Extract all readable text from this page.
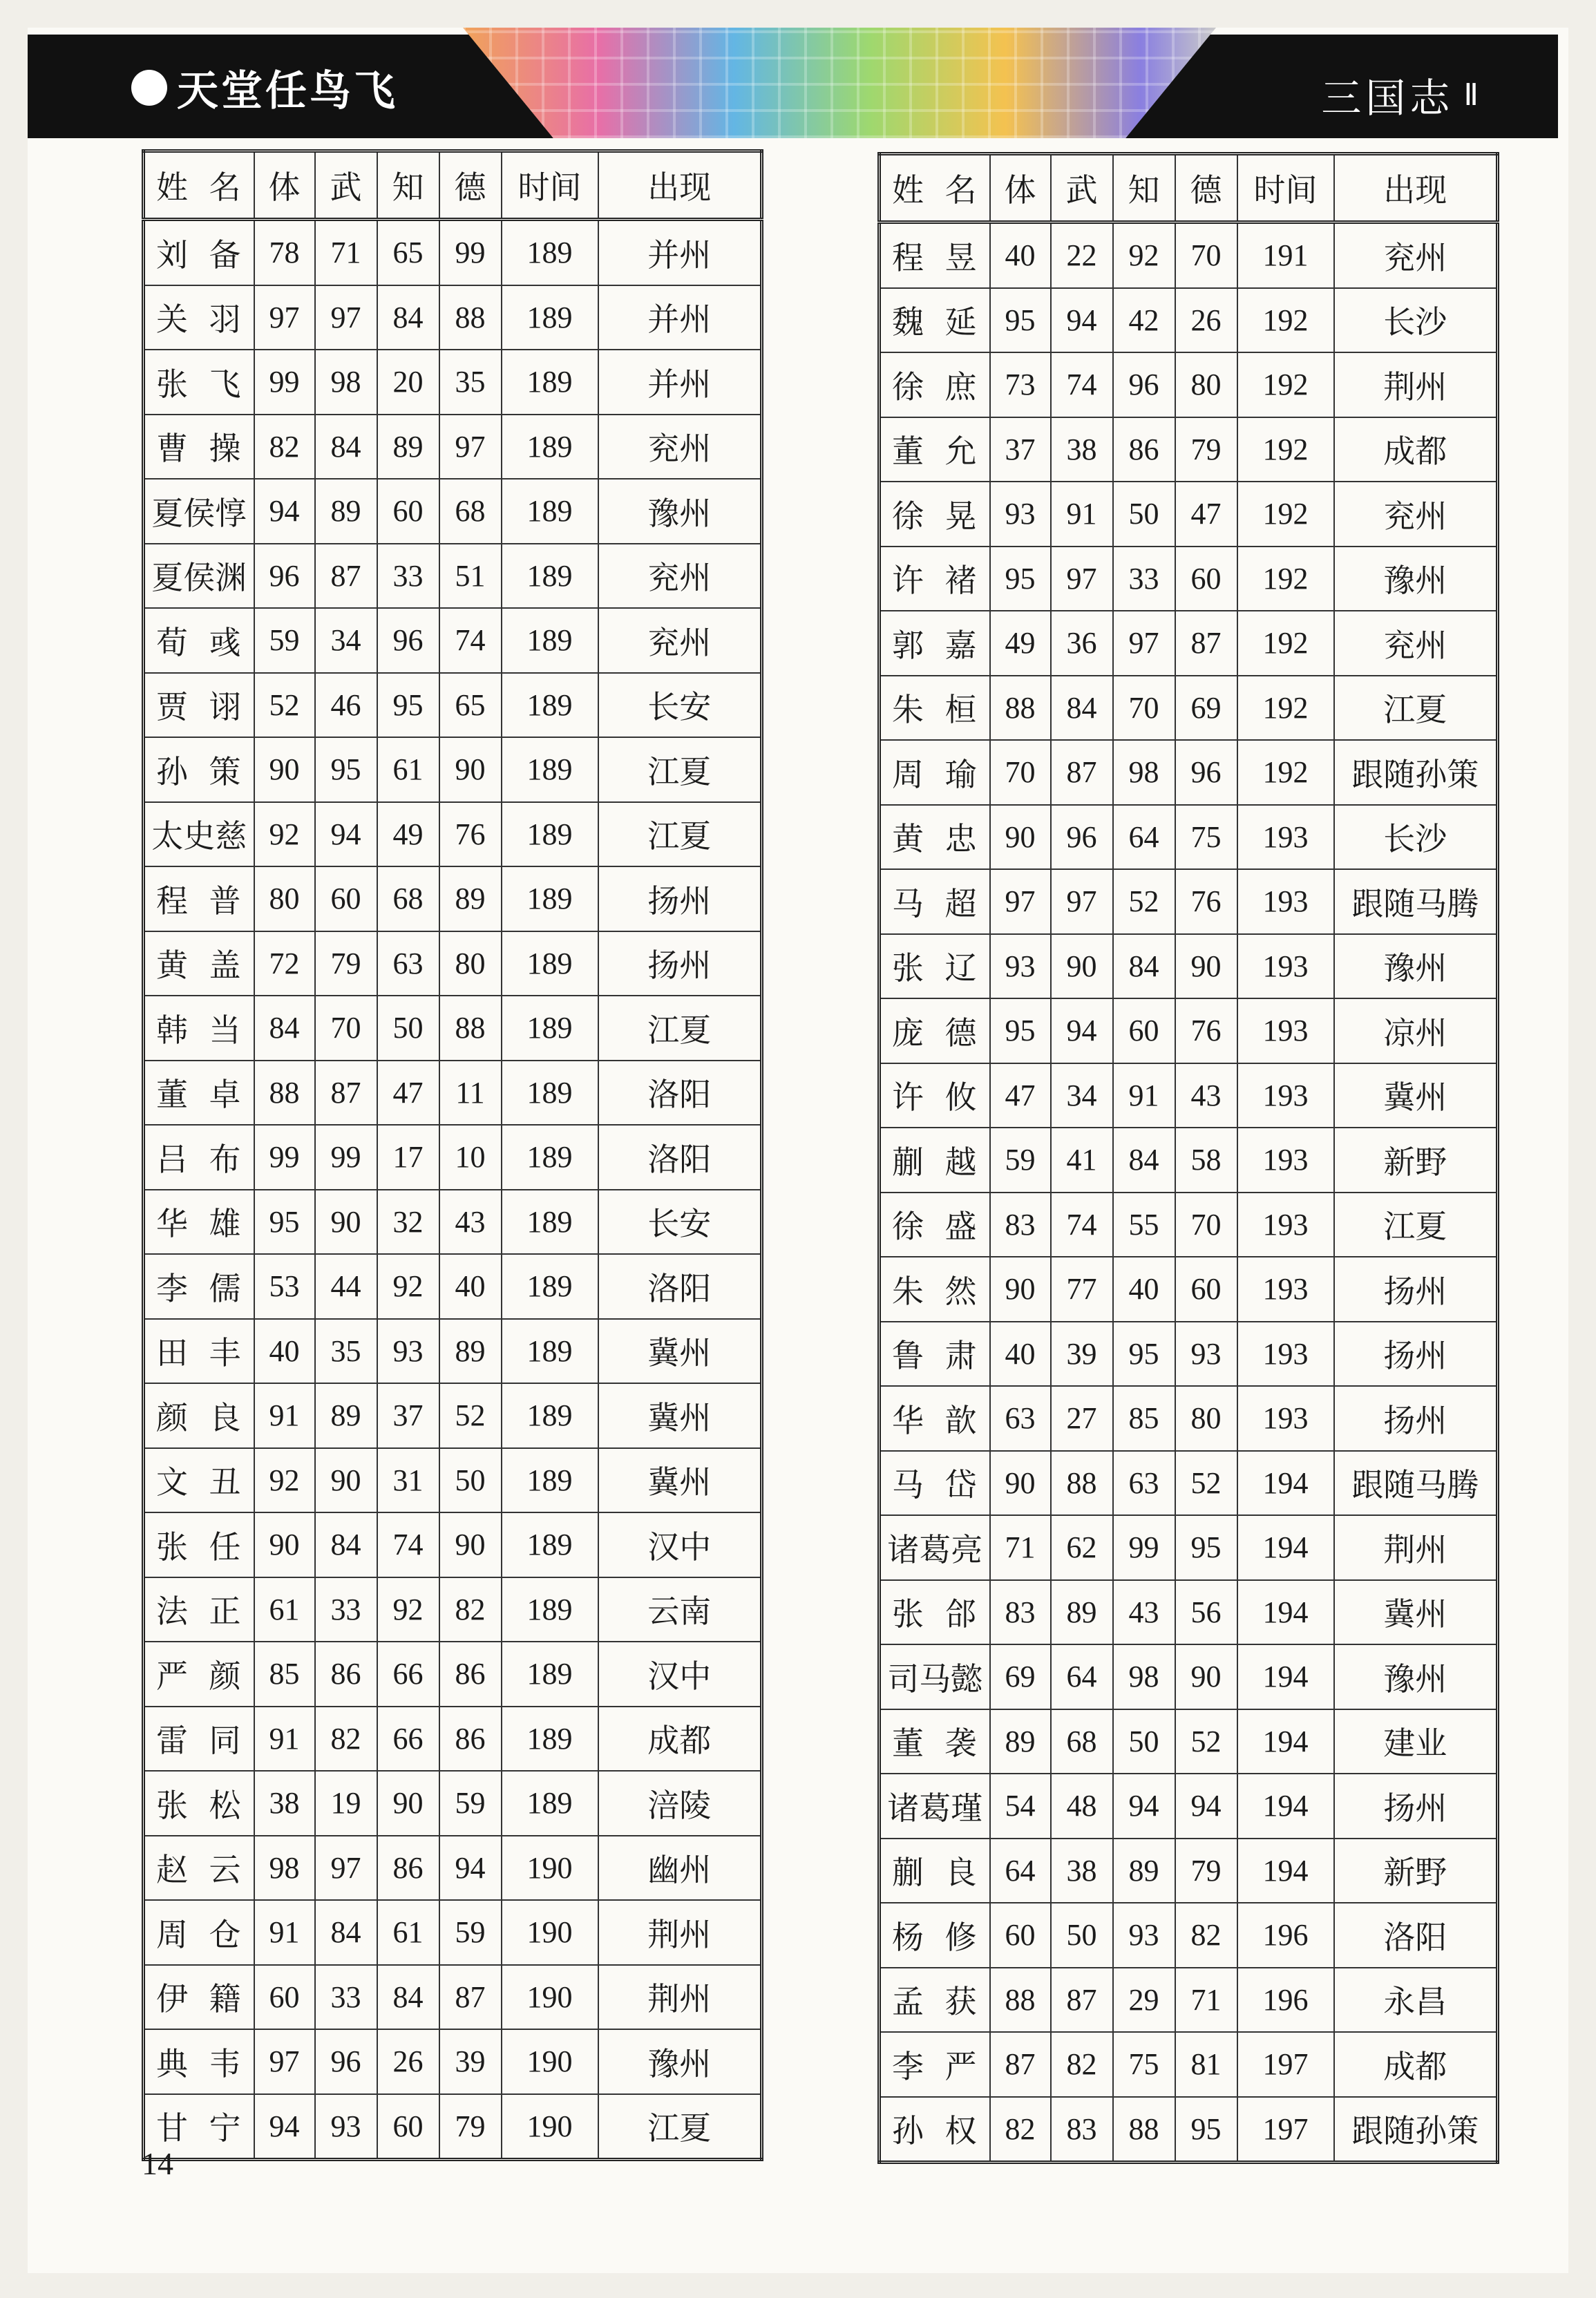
天堂任鸟飞	三国志 Ⅱ
姓 名	体	武	知	德	时间	出现

刘 备	78	71	65	99	189	并州

关 羽	97	97	84	88	189	并州

张 飞	99	98	20	35	189	并州

曹 操	82	84	89	97	189	兖州
夏侯惇	94	89	60	68	189	豫州
夏侯渊	96	87	33	51	189	兖州

荀 彧	59	34	96	74	189	兖州

贾 诩	52	46	95	65	189	长安

孙 策	90	95	61	90	189	江夏
太史慈	92	94	49	76	189	江夏

程 普	80	60	68	89	189	扬州

黄 盖	72	79	63	80	189	扬州

韩 当	84	70	50	88	189	江夏

董 卓	88	87	47	11	189	洛阳

吕 布	99	99	17	10	189	洛阳

华 雄	95	90	32	43	189	长安

李 儒	53	44	92	40	189	洛阳

田 丰	40	35	93	89	189	冀州

颜 良	91	89	37	52	189	冀州

文 丑	92	90	31	50	189	冀州

张 任	90	84	74	90	189	汉中

法 正	61	33	92	82	189	云南

严 颜	85	86	66	86	189	汉中

雷 同	91	82	66	86	189	成都

张 松	38	19	90	59	189	涪陵

赵 云	98	97	86	94	190	幽州

周 仓	91	84	61	59	190	荆州

伊 籍	60	33	84	87	190	荆州

典 韦	97	96	26	39	190	豫州

甘 宁	94	93	60	79	190	江夏
姓 名	体	武	知	德	时间	出现

程 昱	40	22	92	70	191	兖州

魏 延	95	94	42	26	192	长沙

徐 庶	73	74	96	80	192	荆州

董 允	37	38	86	79	192	成都

徐 晃	93	91	50	47	192	兖州

许 褚	95	97	33	60	192	豫州

郭 嘉	49	36	97	87	192	兖州

朱 桓	88	84	70	69	192	江夏

周 瑜	70	87	98	96	192	跟随孙策

黄 忠	90	96	64	75	193	长沙

马 超	97	97	52	76	193	跟随马腾

张 辽	93	90	84	90	193	豫州

庞 德	95	94	60	76	193	凉州

许 攸	47	34	91	43	193	冀州

蒯 越	59	41	84	58	193	新野

徐 盛	83	74	55	70	193	江夏

朱 然	90	77	40	60	193	扬州

鲁 肃	40	39	95	93	193	扬州

华 歆	63	27	85	80	193	扬州

马 岱	90	88	63	52	194	跟随马腾
诸葛亮	71	62	99	95	194	荆州

张 郃	83	89	43	56	194	冀州
司马懿	69	64	98	90	194	豫州

董 袭	89	68	50	52	194	建业
诸葛瑾	54	48	94	94	194	扬州

蒯 良	64	38	89	79	194	新野

杨 修	60	50	93	82	196	洛阳

孟 获	88	87	29	71	196	永昌

李 严	87	82	75	81	197	成都

孙 权	82	83	88	95	197	跟随孙策
14
